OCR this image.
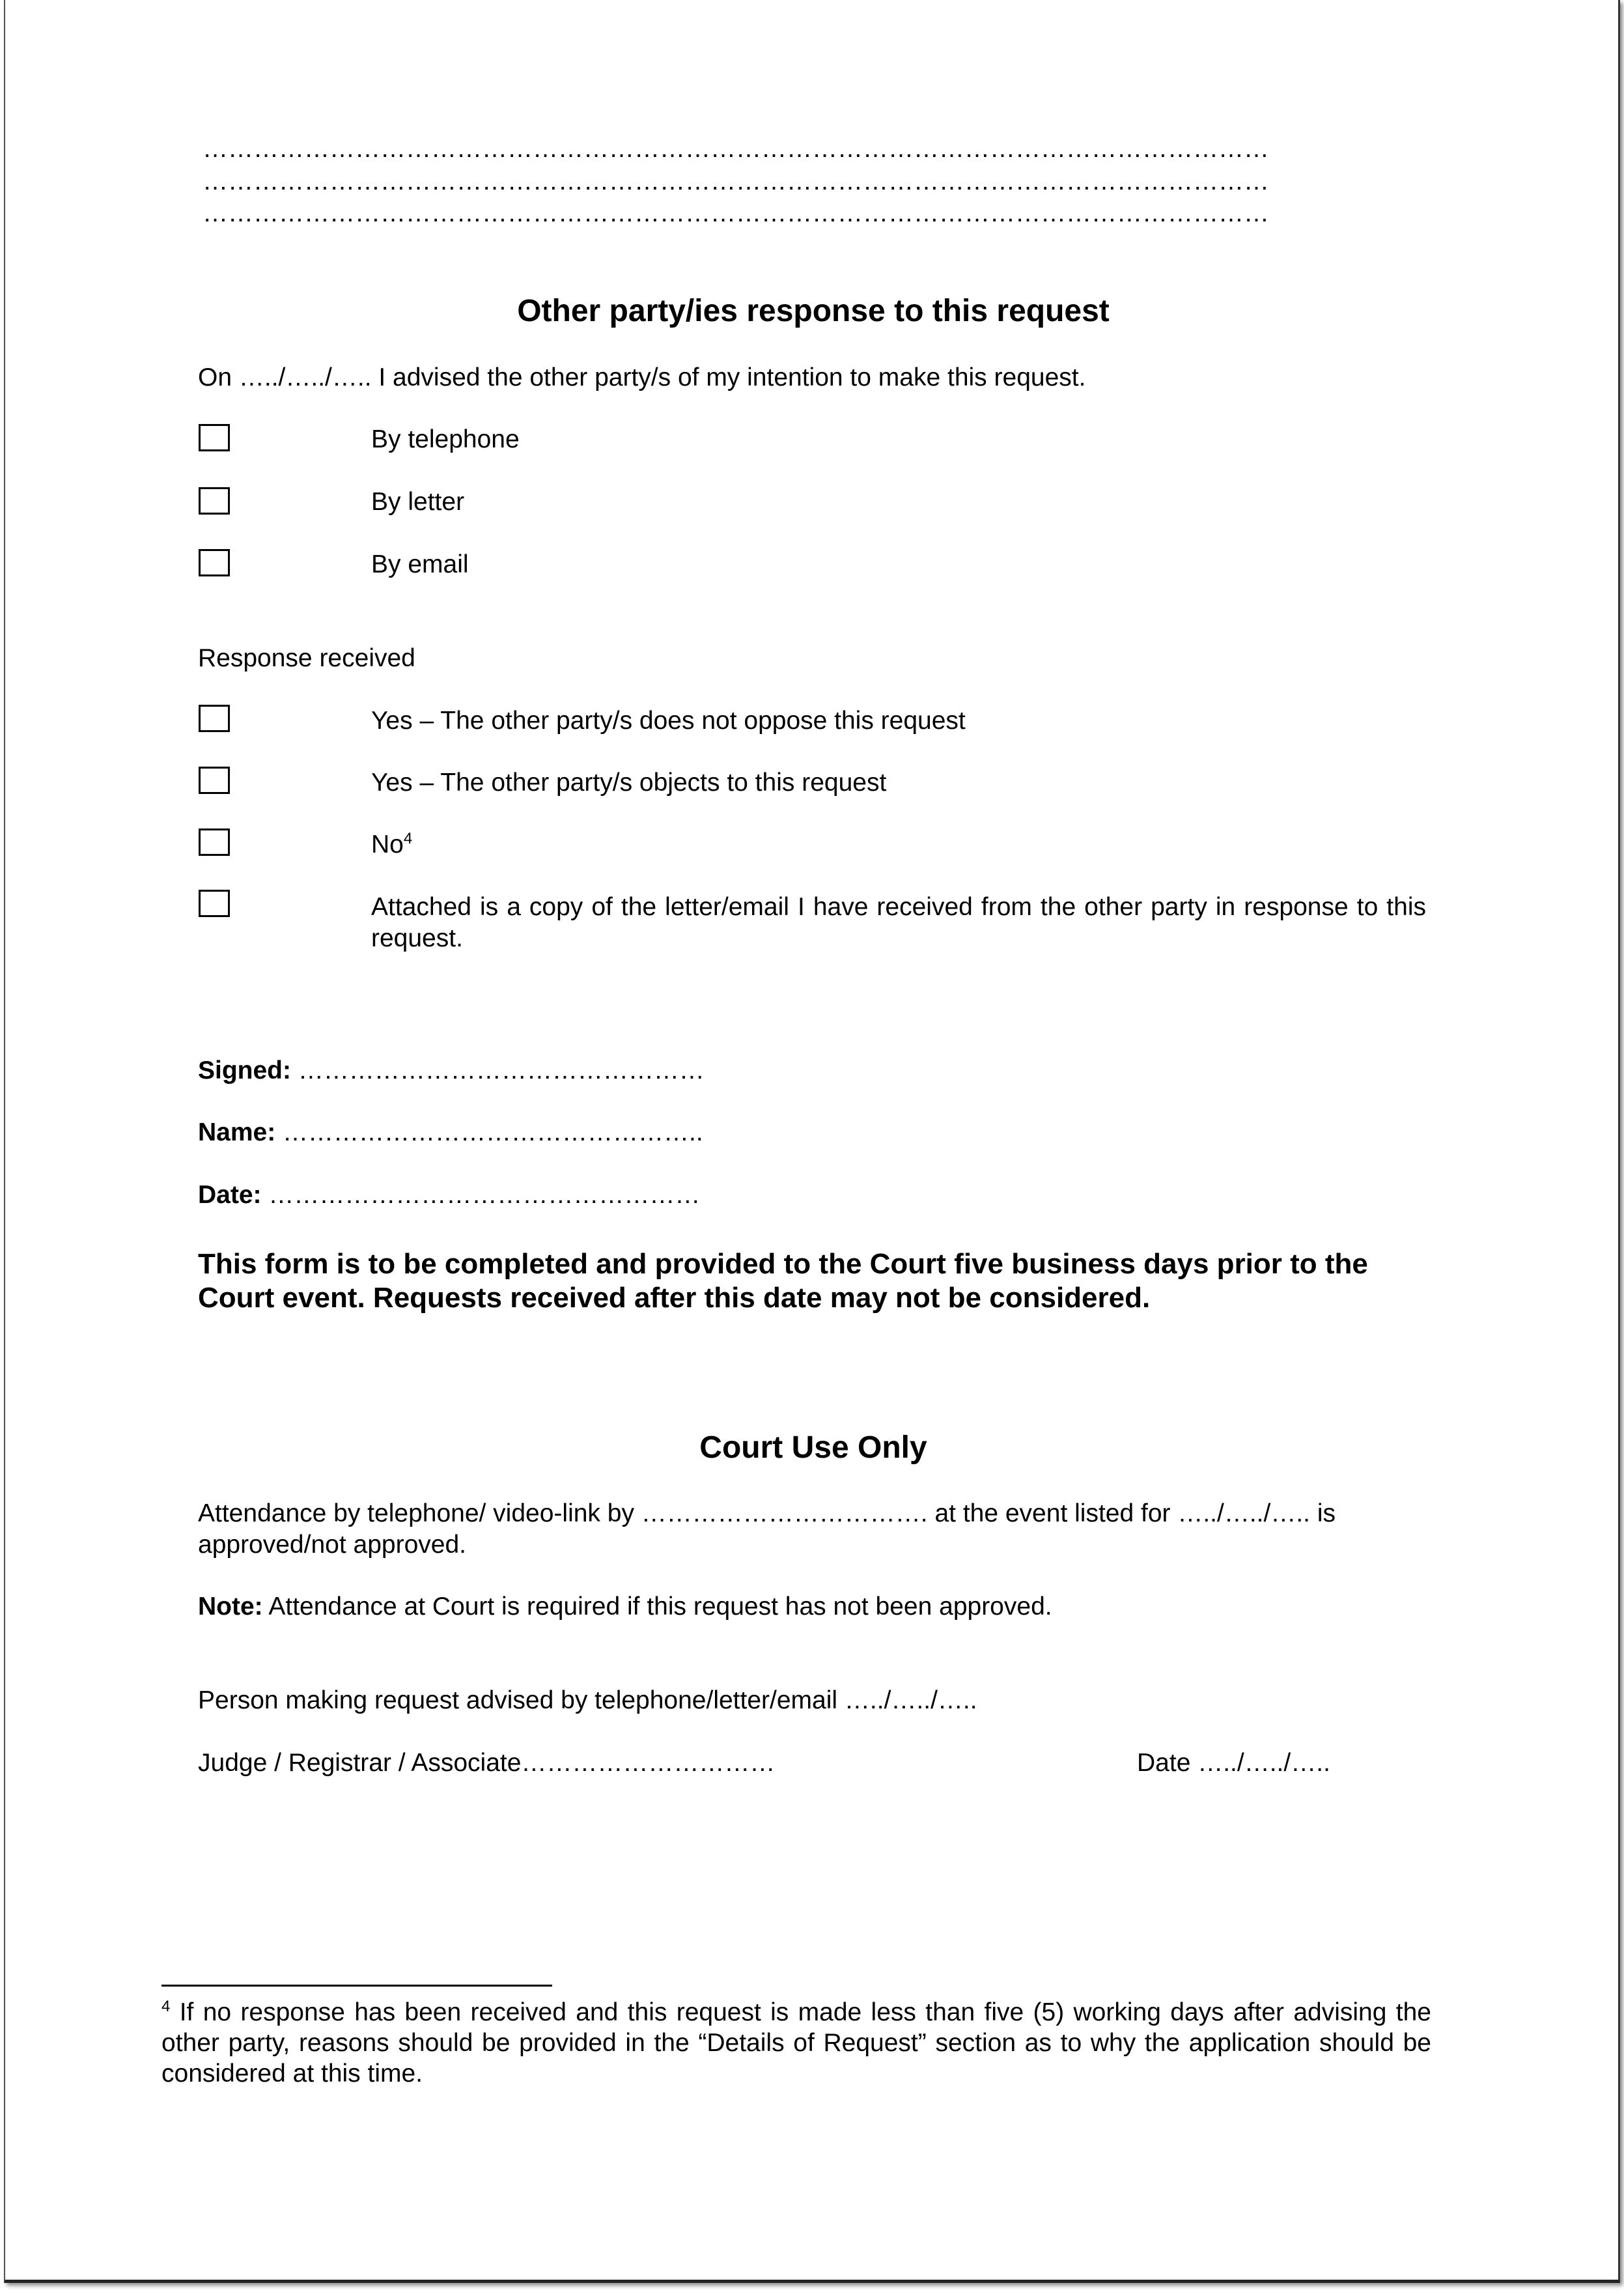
………………………………………………………………………………………………………………
………………………………………………………………………………………………………………
………………………………………………………………………………………………………………
Other party/ies response to this request
On …../…../….. I advised the other party/s of my intention to make this request.
By telephone
By letter
By email
Response received
Yes – The other party/s does not oppose this request
Yes – The other party/s objects to this request
No$^4$
Attached is a copy of the letter/email I have received from the other party in response to this request.
Signed: …………………………………………
Name: …………………………………………..
Date: ……………………………………………
This form is to be completed and provided to the Court five business days prior to the Court event. Requests received after this date may not be considered.
Court Use Only
Attendance by telephone/ video-link by ……………………………. at the event listed for …../…../….. is approved/not approved.
Note: Attendance at Court is required if this request has not been approved.
Person making request advised by telephone/letter/email …../…../…..
Judge / Registrar / Associate…………………………	Date …../…../…..
$^4$ If no response has been received and this request is made less than five (5) working days after advising the other party, reasons should be provided in the “Details of Request” section as to why the application should be considered at this time.
